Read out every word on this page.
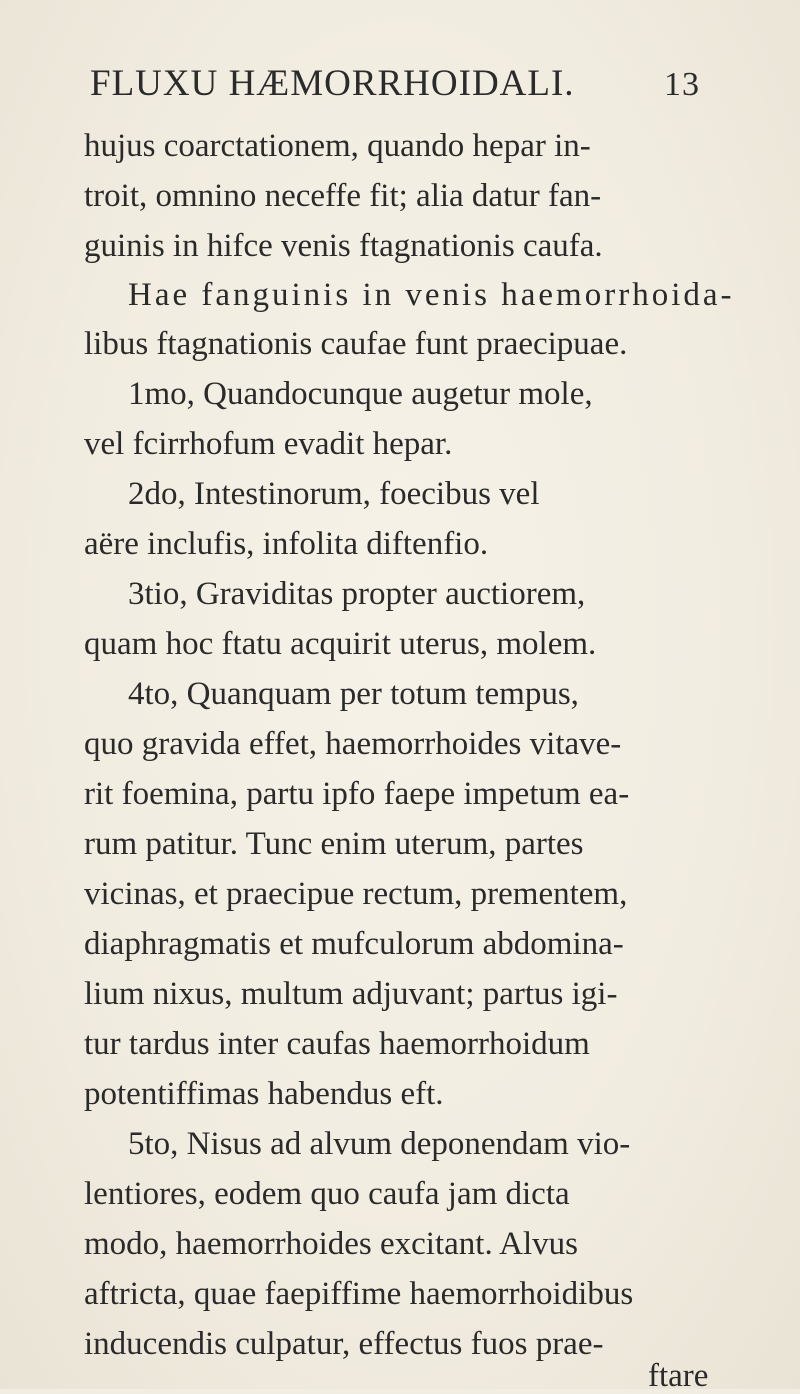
FLUXU HÆMORRHOIDALI.	13
hujus coarctationem, quando hepar in-
troit, omnino neceffe fit; alia datur fan-
guinis in hifce venis ftagnationis caufa.
Hae fanguinis in venis haemorrhoida-
libus ftagnationis caufae funt praecipuae.
1mo, Quandocunque augetur mole,
vel fcirrhofum evadit hepar.
2do, Intestinorum, foecibus vel
aëre inclufis, infolita diftenfio.
3tio, Graviditas propter auctiorem,
quam hoc ftatu acquirit uterus, molem.
4to, Quanquam per totum tempus,
quo gravida effet, haemorrhoides vitave-
rit foemina, partu ipfo faepe impetum ea-
rum patitur. Tunc enim uterum, partes
vicinas, et praecipue rectum, prementem,
diaphragmatis et mufculorum abdomina-
lium nixus, multum adjuvant; partus igi-
tur tardus inter caufas haemorrhoidum
potentiffimas habendus eft.
5to, Nisus ad alvum deponendam vio-
lentiores, eodem quo caufa jam dicta
modo, haemorrhoides excitant. Alvus
aftricta, quae faepiffime haemorrhoidibus
inducendis culpatur, effectus fuos prae-
ftare
